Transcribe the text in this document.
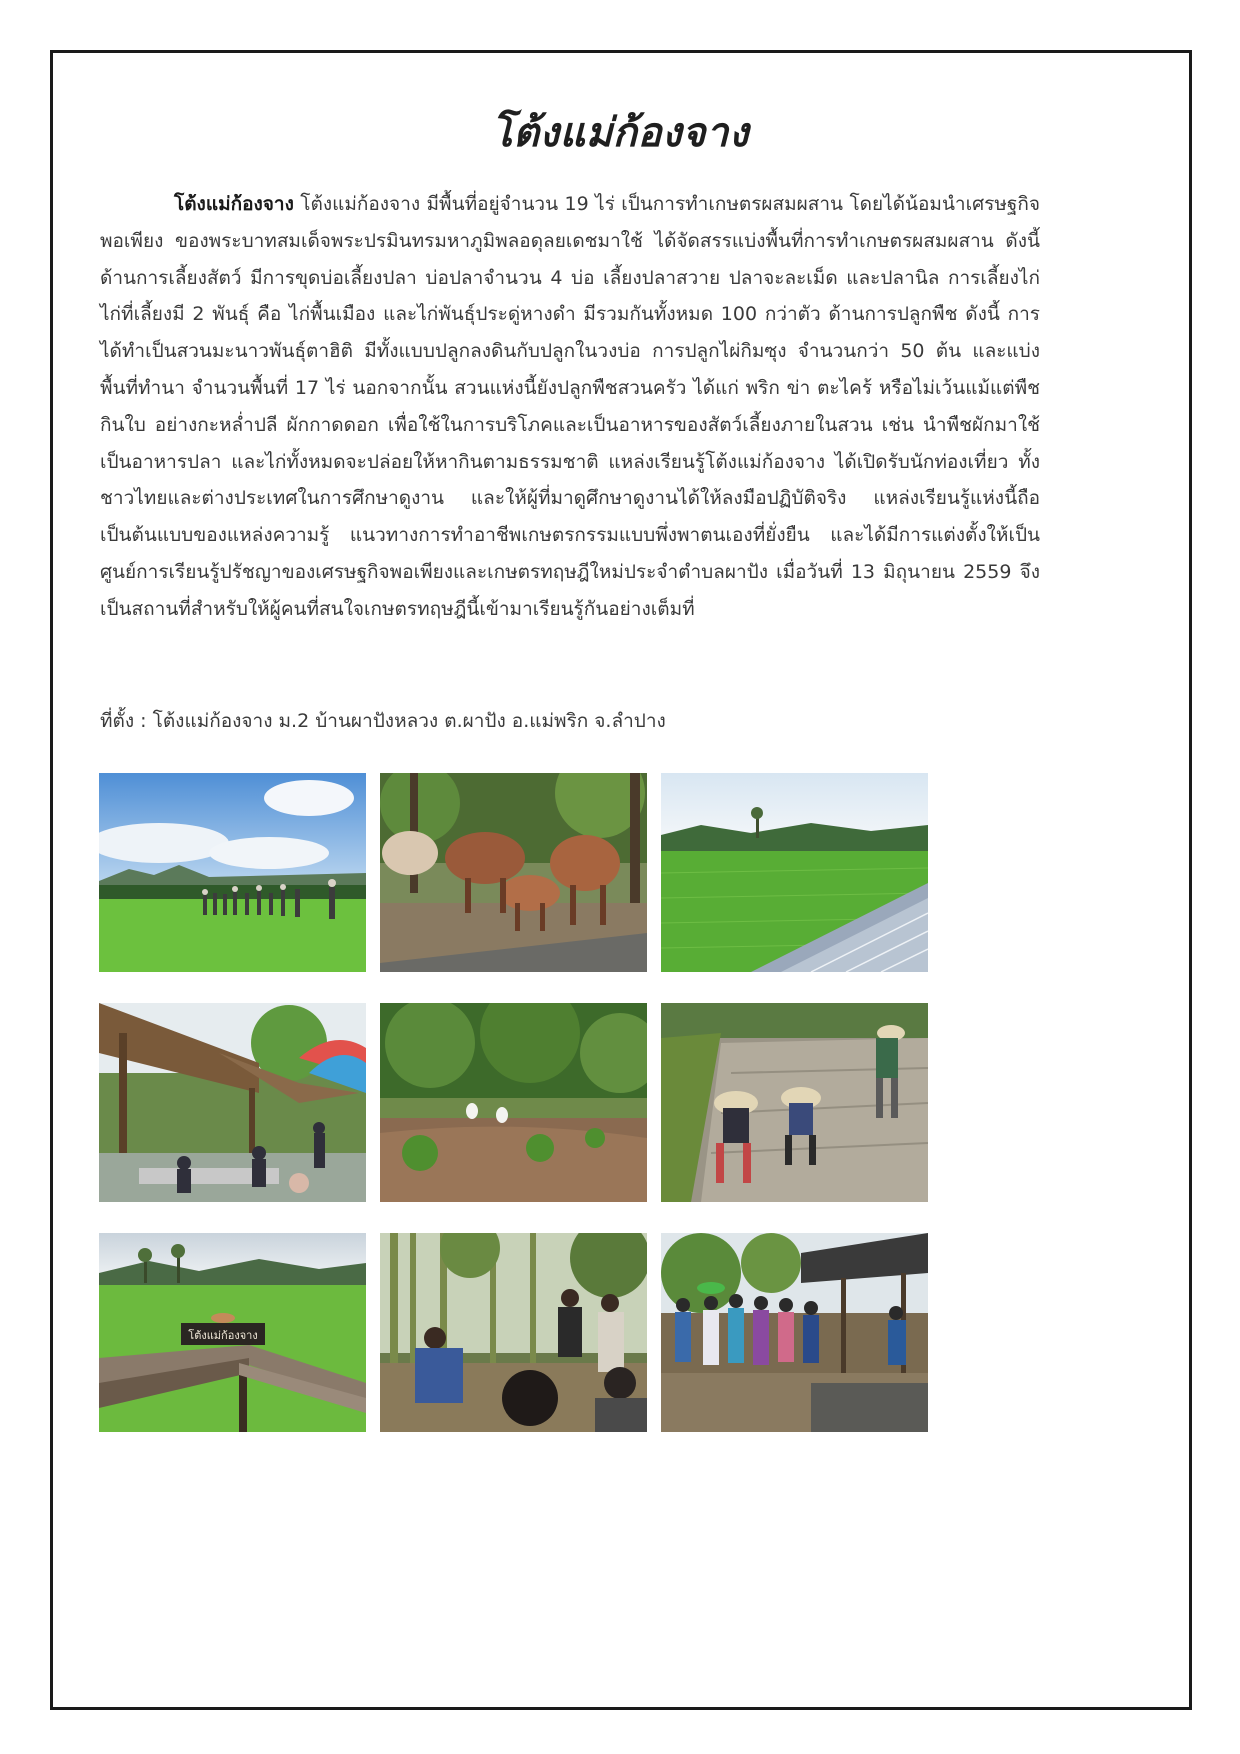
โต้งแม่ก้องจาง

โต้งแม่ก้องจาง โต้งแม่ก้องจาง มีพื้นที่อยู่จำนวน 19 ไร่ เป็นการทำเกษตรผสมผสาน โดยได้น้อมนำเศรษฐกิจพอเพียง ของพระบาทสมเด็จพระปรมินทรมหาภูมิพลอดุลยเดชมาใช้ ได้จัดสรรแบ่งพื้นที่การทำเกษตรผสมผสาน ดังนี้ ด้านการเลี้ยงสัตว์ มีการขุดบ่อเลี้ยงปลา บ่อปลาจำนวน 4 บ่อ เลี้ยงปลาสวาย ปลาจะละเม็ด และปลานิล การเลี้ยงไก่ ไก่ที่เลี้ยงมี 2 พันธุ์ คือ ไก่พื้นเมือง และไก่พันธุ์ประดู่หางดำ มีรวมกันทั้งหมด 100 กว่าตัว ด้านการปลูกพืช ดังนี้ การได้ทำเป็นสวนมะนาวพันธุ์ตาฮิติ มีทั้งแบบปลูกลงดินกับปลูกในวงบ่อ การปลูกไผ่กิมซุง จำนวนกว่า 50 ต้น และแบ่งพื้นที่ทำนา จำนวนพื้นที่ 17 ไร่ นอกจากนั้น สวนแห่งนี้ยังปลูกพืชสวนครัว ได้แก่ พริก ข่า ตะไคร้ หรือไม่เว้นแม้แต่พืชกินใบ อย่างกะหล่ำปลี ผักกาดดอก เพื่อใช้ในการบริโภคและเป็นอาหารของสัตว์เลี้ยงภายในสวน เช่น นำพืชผักมาใช้เป็นอาหารปลา และไก่ทั้งหมดจะปล่อยให้หากินตามธรรมชาติ แหล่งเรียนรู้โต้งแม่ก้องจาง ได้เปิดรับนักท่องเที่ยว ทั้งชาวไทยและต่างประเทศในการศึกษาดูงาน และให้ผู้ที่มาดูศึกษาดูงานได้ให้ลงมือปฏิบัติจริง แหล่งเรียนรู้แห่งนี้ถือเป็นต้นแบบของแหล่งความรู้ แนวทางการทำอาชีพเกษตรกรรมแบบพึ่งพาตนเองที่ยั่งยืน และได้มีการแต่งตั้งให้เป็นศูนย์การเรียนรู้ปรัชญาของเศรษฐกิจพอเพียงและเกษตรทฤษฎีใหม่ประจำตำบลผาปัง เมื่อวันที่ 13 มิถุนายน 2559 จึงเป็นสถานที่สำหรับให้ผู้คนที่สนใจเกษตรทฤษฎีนี้เข้ามาเรียนรู้กันอย่างเต็มที่

ที่ตั้ง : โต้งแม่ก้องจาง ม.2 บ้านผาปังหลวง ต.ผาปัง อ.แม่พริก จ.ลำปาง

โต้งแม่ก้องจาง
